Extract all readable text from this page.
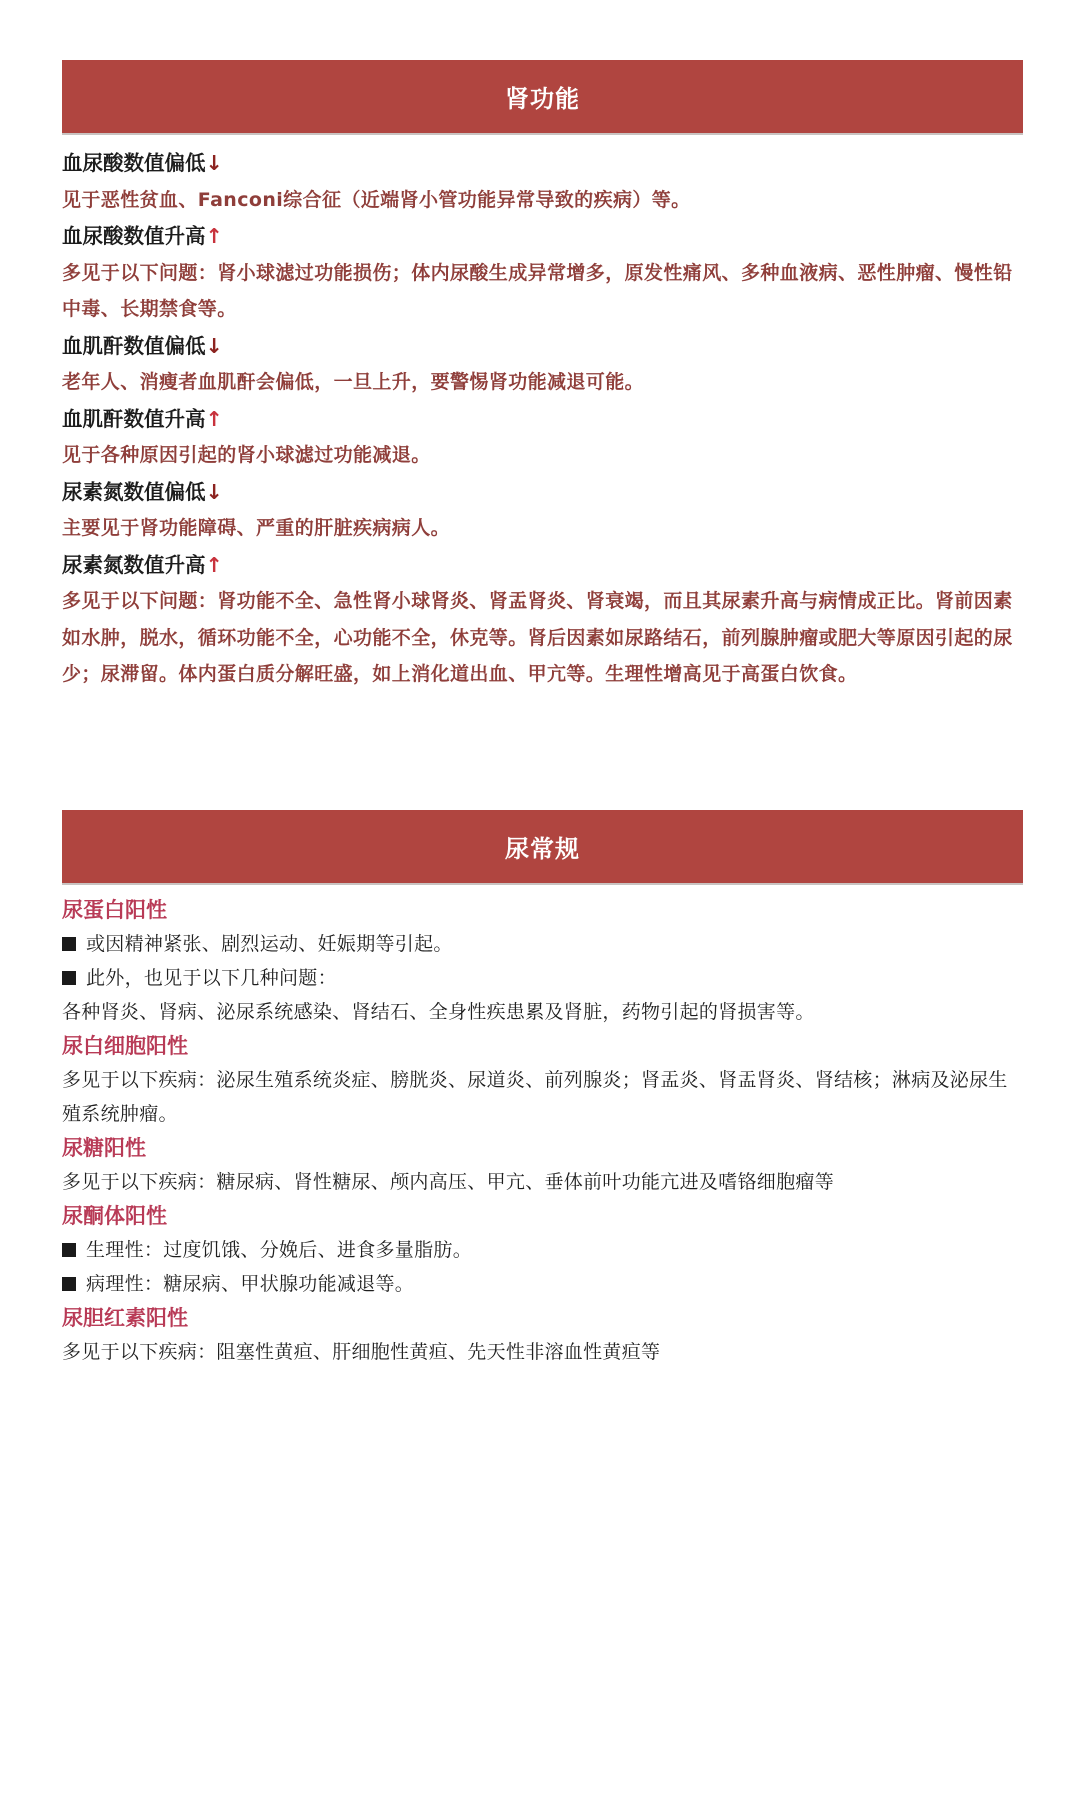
肾功能
血尿酸数值偏低↓
见于恶性贫血、Fanconi综合征（近端肾小管功能异常导致的疾病）等。
血尿酸数值升高↑
多见于以下问题：肾小球滤过功能损伤；体内尿酸生成异常增多，原发性痛风、多种血液病、恶性肿瘤、慢性铅中毒、长期禁食等。
血肌酐数值偏低↓
老年人、消瘦者血肌酐会偏低，一旦上升，要警惕肾功能减退可能。
血肌酐数值升高↑
见于各种原因引起的肾小球滤过功能减退。
尿素氮数值偏低↓
主要见于肾功能障碍、严重的肝脏疾病病人。
尿素氮数值升高↑
多见于以下问题：肾功能不全、急性肾小球肾炎、肾盂肾炎、肾衰竭，而且其尿素升高与病情成正比。肾前因素如水肿，脱水，循环功能不全，心功能不全，休克等。肾后因素如尿路结石，前列腺肿瘤或肥大等原因引起的尿少；尿滞留。体内蛋白质分解旺盛，如上消化道出血、甲亢等。生理性增高见于高蛋白饮食。
尿常规
尿蛋白阳性
或因精神紧张、剧烈运动、妊娠期等引起。
此外，也见于以下几种问题：
各种肾炎、肾病、泌尿系统感染、肾结石、全身性疾患累及肾脏，药物引起的肾损害等。
尿白细胞阳性
多见于以下疾病：泌尿生殖系统炎症、膀胱炎、尿道炎、前列腺炎；肾盂炎、肾盂肾炎、肾结核；淋病及泌尿生殖系统肿瘤。
尿糖阳性
多见于以下疾病：糖尿病、肾性糖尿、颅内高压、甲亢、垂体前叶功能亢进及嗜铬细胞瘤等
尿酮体阳性
生理性：过度饥饿、分娩后、进食多量脂肪。
病理性：糖尿病、甲状腺功能减退等。
尿胆红素阳性
多见于以下疾病：阻塞性黄疸、肝细胞性黄疸、先天性非溶血性黄疸等
